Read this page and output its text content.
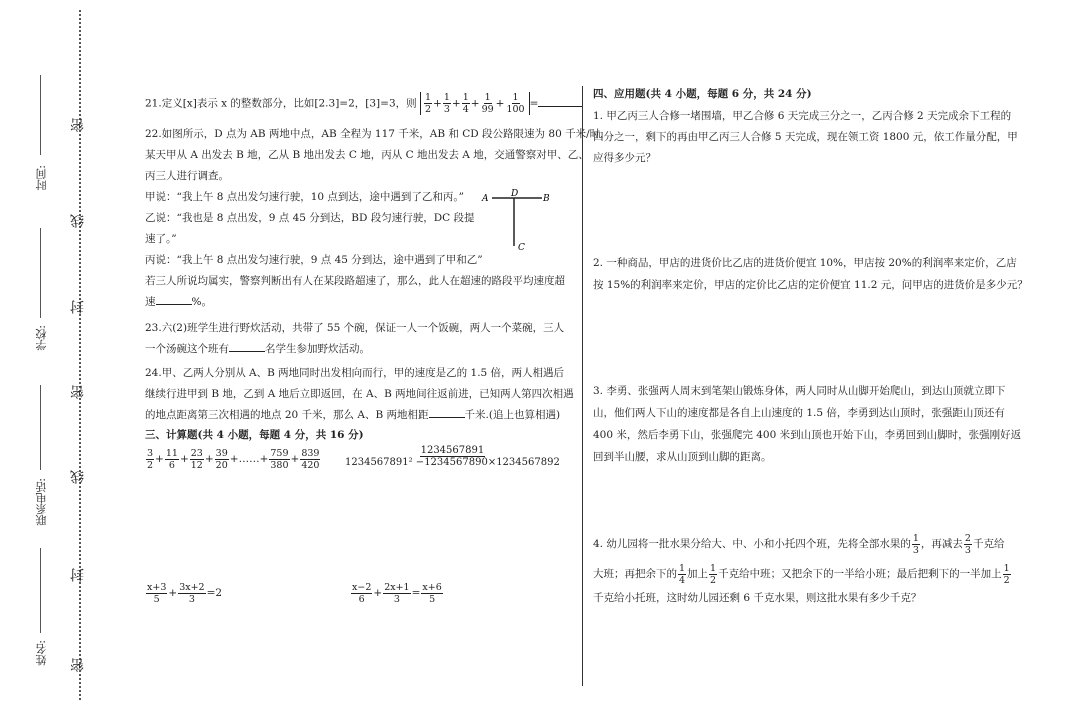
时间:
学校:
联系电话:
姓名:
密
线
封
密
线
封
密
21.定义[x]表示 x 的整数部分，比如[2.3]=2，[3]=3，则 $\frac{1}{2} + \frac{1}{3} + \frac{1}{4} + \frac{1}{99} + \frac{1}{100}$ =
22.如图所示，D 点为 AB 两地中点，AB 全程为 117 千米，AB 和 CD 段公路限速为 80 千米/时，
某天甲从 A 出发去 B 地，乙从 B 地出发去 C 地，丙从 C 地出发去 A 地，交通警察对甲、乙、
丙三人进行调查。
甲说：“我上午 8 点出发匀速行驶，10 点到达，途中遇到了乙和丙。”
乙说：“我也是 8 点出发，9 点 45 分到达，BD 段匀速行驶，DC 段提
速了。”
丙说：“我上午 8 点出发匀速行驶，9 点 45 分到达，途中遇到了甲和乙”
若三人所说均属实，警察判断出有人在某段路超速了，那么，此人在超速的路段平均速度超
速	%。
A	D	B
C
23.六(2)班学生进行野炊活动，共带了 55 个碗，保证一人一个饭碗，两人一个菜碗，三人
一个汤碗这个班有	名学生参加野炊活动。
24.甲、乙两人分别从 A、B 两地同时出发相向而行，甲的速度是乙的 1.5 倍，两人相遇后
继续行进甲到 B 地，乙到 A 地后立即返回，在 A、B 两地间往返前进，已知两人第四次相遇
的地点距离第三次相遇的地点 20 千米，那么 A、B 两地相距	千米.(追上也算相遇)
三、计算题(共 4 小题，每题 4 分，共 16 分)
$\frac{3}{2} + \frac{11}{6} + \frac{23}{12} + \frac{39}{20}$ +……+ $\frac{759}{380} + \frac{839}{420} \frac{1234567891}{\text{1234567891² −1234567890×1234567892}}$
$\frac{x+3}{5} + \frac{3x+2}{3} =2$	$\frac{x-2}{6} + \frac{2x+1}{3} = \frac{x+6}{5}$
四、应用题(共 4 小题，每题 6 分，共 24 分)
1. 甲乙丙三人合修一堵围墙，甲乙合修 6 天完成三分之一，乙丙合修 2 天完成余下工程的
四分之一，剩下的再由甲乙丙三人合修 5 天完成，现在领工资 1800 元，依工作量分配，甲
应得多少元？
2. 一种商品，甲店的进货价比乙店的进货价便宜 10%，甲店按 20%的利润率来定价，乙店
按 15%的利润率来定价，甲店的定价比乙店的定价便宜 11.2 元，问甲店的进货价是多少元？
3. 李勇、张强两人周末到笔架山锻炼身体，两人同时从山脚开始爬山，到达山顶就立即下
山，他们两人下山的速度都是各自上山速度的 1.5 倍，李勇到达山顶时，张强距山顶还有
400 米，然后李勇下山，张强爬完 400 米到山顶也开始下山，李勇回到山脚时，张强刚好返
回到半山腰，求从山顶到山脚的距离。
4. 幼儿园将一批水果分给大、中、小和小托四个班，先将全部水果的 $\frac{1}{3}$ ，再减去 $\frac{2}{3}$ 千克给
大班；再把余下的 $\frac{1}{4}$ 加上 $\frac{1}{2}$ 千克给中班；又把余下的一半给小班；最后把剩下的一半加上 $\frac{1}{2}$
千克给小托班，这时幼儿园还剩 6 千克水果，则这批水果有多少千克？
